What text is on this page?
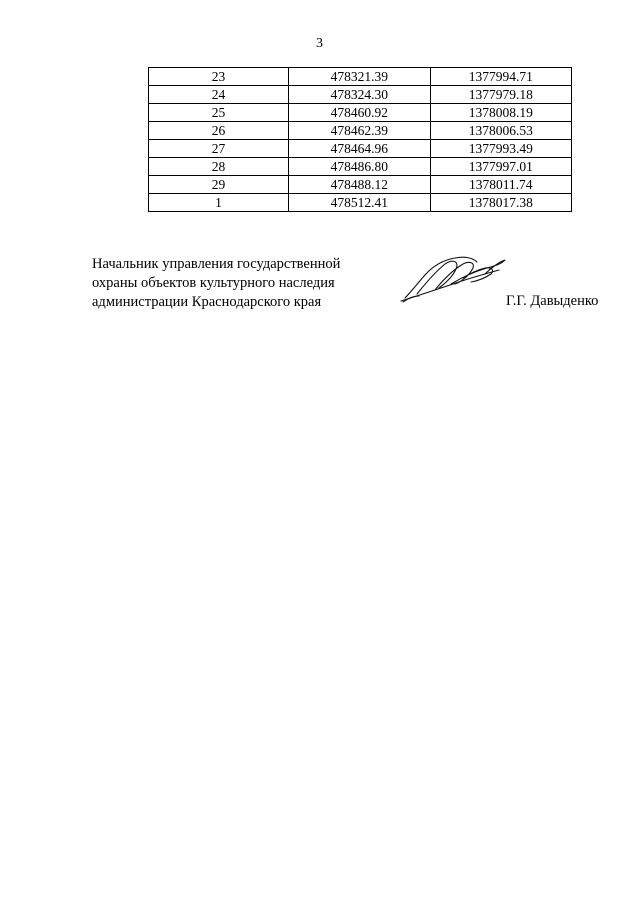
3
23	478321.39	1377994.71
24	478324.30	1377979.18
25	478460.92	1378008.19
26	478462.39	1378006.53
27	478464.96	1377993.49
28	478486.80	1377997.01
29	478488.12	1378011.74
1	478512.41	1378017.38
Начальник управления государственной
охраны объектов культурного наследия
администрации Краснодарского края	Г.Г. Давыденко
